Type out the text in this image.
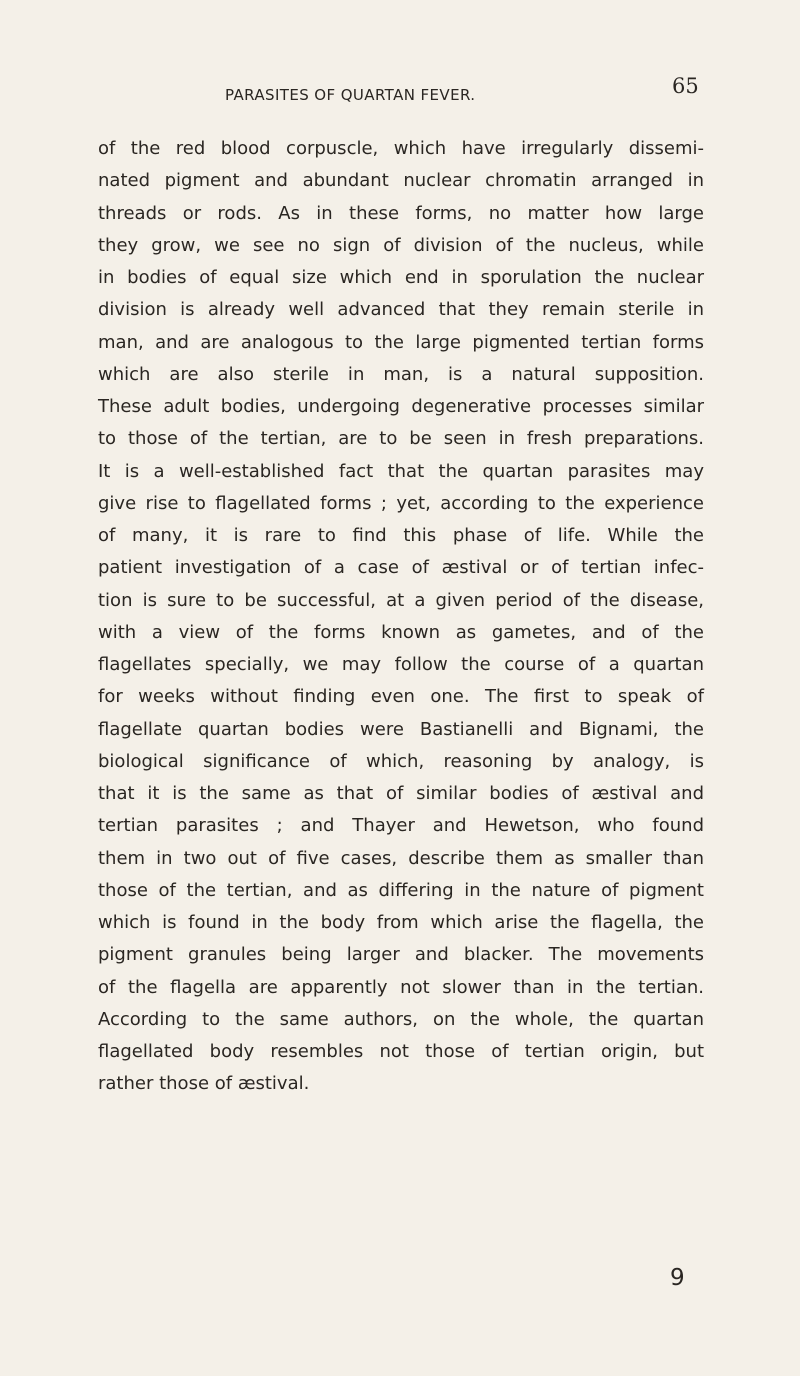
PARASITES OF QUARTAN FEVER.	65
of the red blood corpuscle, which have irregularly dissemi-
nated pigment and abundant nuclear chromatin arranged in
threads or rods. As in these forms, no matter how large
they grow, we see no sign of division of the nucleus, while
in bodies of equal size which end in sporulation the nuclear
division is already well advanced that they remain sterile in
man, and are analogous to the large pigmented tertian forms
which are also sterile in man, is a natural supposition.
These adult bodies, undergoing degenerative processes similar
to those of the tertian, are to be seen in fresh preparations.
It is a well-established fact that the quartan parasites may
give rise to flagellated forms ; yet, according to the experience
of many, it is rare to find this phase of life. While the
patient investigation of a case of æstival or of tertian infec-
tion is sure to be successful, at a given period of the disease,
with a view of the forms known as gametes, and of the
flagellates specially, we may follow the course of a quartan
for weeks without finding even one. The first to speak of
flagellate quartan bodies were Bastianelli and Bignami, the
biological significance of which, reasoning by analogy, is
that it is the same as that of similar bodies of æstival and
tertian parasites ; and Thayer and Hewetson, who found
them in two out of five cases, describe them as smaller than
those of the tertian, and as differing in the nature of pigment
which is found in the body from which arise the flagella, the
pigment granules being larger and blacker. The movements
of the flagella are apparently not slower than in the tertian.
According to the same authors, on the whole, the quartan
flagellated body resembles not those of tertian origin, but
rather those of æstival.
9
